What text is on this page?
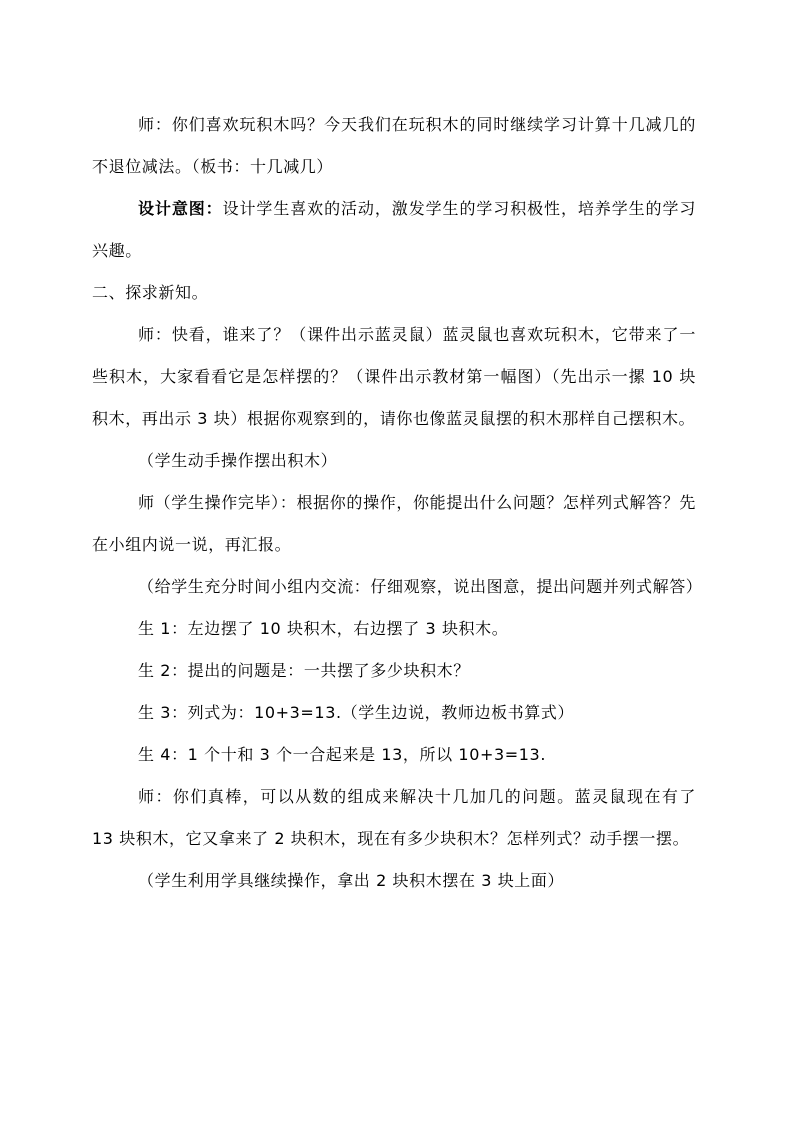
师：你们喜欢玩积木吗？今天我们在玩积木的同时继续学习计算十几减几的不退位减法。（板书：十几减几）

设计意图：设计学生喜欢的活动，激发学生的学习积极性，培养学生的学习兴趣。

二、探求新知。

师：快看，谁来了？（课件出示蓝灵鼠）蓝灵鼠也喜欢玩积木，它带来了一些积木，大家看看它是怎样摆的？（课件出示教材第一幅图）（先出示一摞 10 块积木，再出示 3 块）根据你观察到的，请你也像蓝灵鼠摆的积木那样自己摆积木。

（学生动手操作摆出积木）

师（学生操作完毕）：根据你的操作，你能提出什么问题？怎样列式解答？先在小组内说一说，再汇报。

（给学生充分时间小组内交流：仔细观察，说出图意，提出问题并列式解答）

生 1：左边摆了 10 块积木，右边摆了 3 块积木。

生 2：提出的问题是：一共摆了多少块积木？

生 3：列式为：10+3=13.（学生边说，教师边板书算式）

生 4：1 个十和 3 个一合起来是 13，所以 10+3=13.

师：你们真棒，可以从数的组成来解决十几加几的问题。蓝灵鼠现在有了 13 块积木，它又拿来了 2 块积木，现在有多少块积木？怎样列式？动手摆一摆。

（学生利用学具继续操作，拿出 2 块积木摆在 3 块上面）
